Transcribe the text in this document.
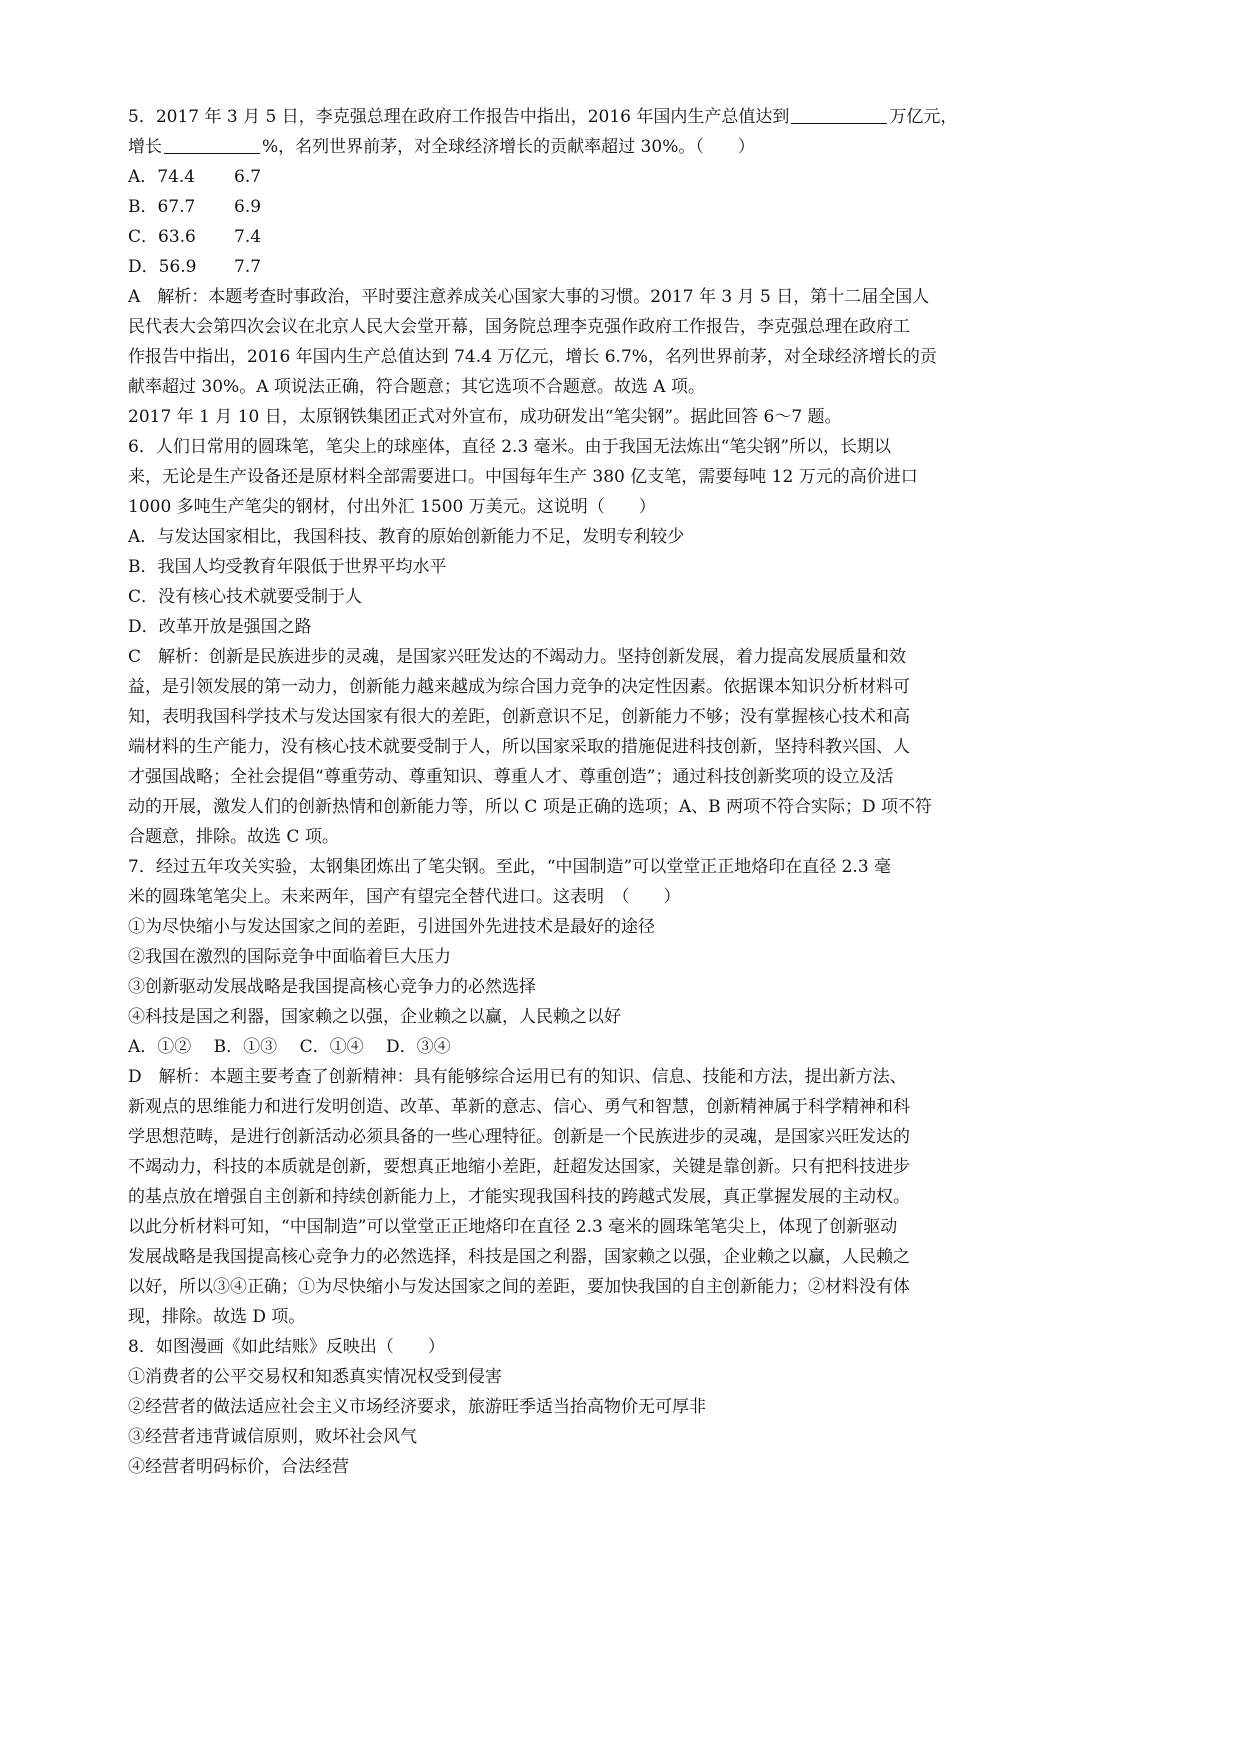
5．2017 年 3 月 5 日，李克强总理在政府工作报告中指出，2016 年国内生产总值达到	万亿元，
增长	%，名列世界前茅，对全球经济增长的贡献率超过 30%。（　　）
A．74.4 6.7
B．67.7 6.9
C．63.6 7.4
D．56.9 7.7
A　解析：本题考查时事政治，平时要注意养成关心国家大事的习惯。2017 年 3 月 5 日，第十二届全国人
民代表大会第四次会议在北京人民大会堂开幕，国务院总理李克强作政府工作报告，李克强总理在政府工
作报告中指出，2016 年国内生产总值达到 74.4 万亿元，增长 6.7%，名列世界前茅，对全球经济增长的贡
献率超过 30%。A 项说法正确，符合题意；其它选项不合题意。故选 A 项。
2017 年 1 月 10 日，太原钢铁集团正式对外宣布，成功研发出“笔尖钢”。据此回答 6～7 题。
6．人们日常用的圆珠笔，笔尖上的球座体，直径 2.3 毫米。由于我国无法炼出“笔尖钢”所以，长期以
来，无论是生产设备还是原材料全部需要进口。中国每年生产 380 亿支笔，需要每吨 12 万元的高价进口
1000 多吨生产笔尖的钢材，付出外汇 1500 万美元。这说明（　　）
A．与发达国家相比，我国科技、教育的原始创新能力不足，发明专利较少
B．我国人均受教育年限低于世界平均水平
C．没有核心技术就要受制于人
D．改革开放是强国之路
C　解析：创新是民族进步的灵魂，是国家兴旺发达的不竭动力。坚持创新发展，着力提高发展质量和效
益，是引领发展的第一动力，创新能力越来越成为综合国力竞争的决定性因素。依据课本知识分析材料可
知，表明我国科学技术与发达国家有很大的差距，创新意识不足，创新能力不够；没有掌握核心技术和高
端材料的生产能力，没有核心技术就要受制于人，所以国家采取的措施促进科技创新，坚持科教兴国、人
才强国战略；全社会提倡“尊重劳动、尊重知识、尊重人才、尊重创造”；通过科技创新奖项的设立及活
动的开展，激发人们的创新热情和创新能力等，所以 C 项是正确的选项；A、B 两项不符合实际；D 项不符
合题意，排除。故选 C 项。
7．经过五年攻关实验，太钢集团炼出了笔尖钢。至此，“中国制造”可以堂堂正正地烙印在直径 2.3 毫
米的圆珠笔笔尖上。未来两年，国产有望完全替代进口。这表明　（　　）
①为尽快缩小与发达国家之间的差距，引进国外先进技术是最好的途径
②我国在激烈的国际竞争中面临着巨大压力
③创新驱动发展战略是我国提高核心竞争力的必然选择
④科技是国之利器，国家赖之以强，企业赖之以赢，人民赖之以好
A．①②　 B．①③　 C．①④　 D．③④
D　解析：本题主要考查了创新精神：具有能够综合运用已有的知识、信息、技能和方法，提出新方法、
新观点的思维能力和进行发明创造、改革、革新的意志、信心、勇气和智慧，创新精神属于科学精神和科
学思想范畴，是进行创新活动必须具备的一些心理特征。创新是一个民族进步的灵魂，是国家兴旺发达的
不竭动力，科技的本质就是创新，要想真正地缩小差距，赶超发达国家，关键是靠创新。只有把科技进步
的基点放在增强自主创新和持续创新能力上，才能实现我国科技的跨越式发展，真正掌握发展的主动权。
以此分析材料可知，“中国制造”可以堂堂正正地烙印在直径 2.3 毫米的圆珠笔笔尖上，体现了创新驱动
发展战略是我国提高核心竞争力的必然选择，科技是国之利器，国家赖之以强，企业赖之以赢，人民赖之
以好，所以③④正确；①为尽快缩小与发达国家之间的差距，要加快我国的自主创新能力；②材料没有体
现，排除。故选 D 项。
8．如图漫画《如此结账》反映出（　　）
①消费者的公平交易权和知悉真实情况权受到侵害
②经营者的做法适应社会主义市场经济要求，旅游旺季适当抬高物价无可厚非
③经营者违背诚信原则，败坏社会风气
④经营者明码标价，合法经营
